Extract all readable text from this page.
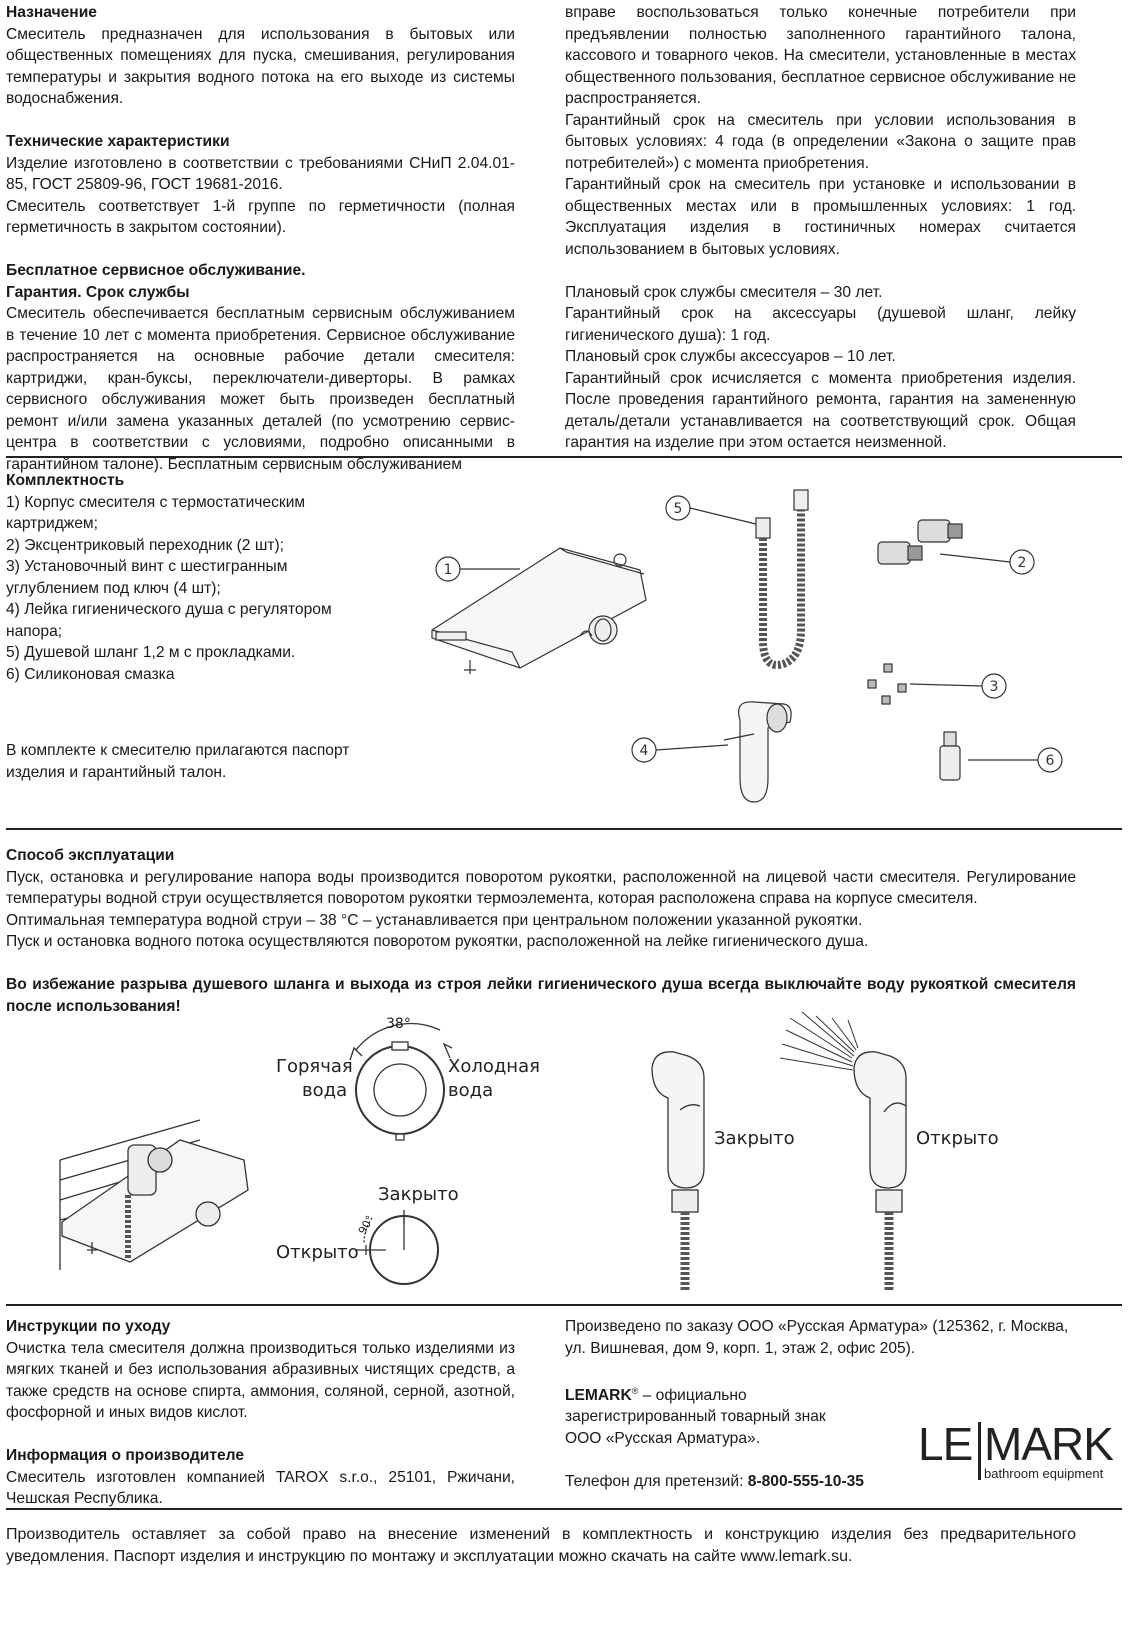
Назначение

Смеситель предназначен для использования в бытовых или общественных помещениях для пуска, смешивания, регулирования температуры и закрытия водного потока на его выходе из системы водоснабжения.

Технические характеристики

Изделие изготовлено в соответствии с требованиями СНиП 2.04.01-85, ГОСТ 25809-96, ГОСТ 19681-2016.

Смеситель соответствует 1-й группе по герметичности (полная герметичность в закрытом состоянии).

Бесплатное сервисное обслуживание.
Гарантия. Срок службы

Смеситель обеспечивается бесплатным сервисным обслуживанием в течение 10 лет с момента приобретения. Сервисное обслуживание распространяется на основные рабочие детали смесителя: картриджи, кран-буксы, переключатели-диверторы. В рамках сервисного обслуживания может быть произведен бесплатный ремонт и/или замена указанных деталей (по усмотрению сервис-центра в соответствии с условиями, подробно описанными в гарантийном талоне). Бесплатным сервисным обслуживанием

вправе воспользоваться только конечные потребители при предъявлении полностью заполненного гарантийного талона, кассового и товарного чеков. На смесители, установленные в местах общественного пользования, бесплатное сервисное обслуживание не распространяется.

Гарантийный срок на смеситель при условии использования в бытовых условиях: 4 года (в определении «Закона о защите прав потребителей») с момента приобретения.

Гарантийный срок на смеситель при установке и использовании в общественных местах или в промышленных условиях: 1 год. Эксплуатация изделия в гостиничных номерах считается использованием в бытовых условиях.

Плановый срок службы смесителя – 30 лет.

Гарантийный срок на аксессуары (душевой шланг, лейку гигиенического душа): 1 год.

Плановый срок службы аксессуаров – 10 лет.

Гарантийный срок исчисляется с момента приобретения изделия. После проведения гарантийного ремонта, гарантия на замененную деталь/детали устанавливается на соответствующий срок. Общая гарантия на изделие при этом остается неизменной.

Комплектность

1) Корпус смесителя с термостатическим картриджем;

2) Эксцентриковый переходник (2 шт);

3) Установочный винт с шестигранным углублением под ключ (4 шт);

4) Лейка гигиенического душа с регулятором напора;

5) Душевой шланг 1,2 м с прокладками.

6) Силиконовая смазка

В комплекте к смесителю прилагаются паспорт изделия и гарантийный талон.
1
5
2
3
4
6
Способ эксплуатации

Пуск, остановка и регулирование напора воды производится поворотом рукоятки, расположенной на лицевой части смесителя. Регулирование температуры водной струи осуществляется поворотом рукоятки термоэлемента, которая расположена справа на корпусе смесителя.

Оптимальная температура водной струи – 38 °C – устанавливается при центральном положении указанной рукоятки.

Пуск и остановка водного потока осуществляются поворотом рукоятки, расположенной на лейке гигиенического душа.

Во избежание разрыва душевого шланга и выхода из строя лейки гигиенического душа всегда выключайте воду рукояткой смесителя после использования!

38°
Горячая
вода
Холодная
вода
Закрыто
Открыто
90°
Закрыто	Открыто
Инструкции по уходу

Очистка тела смесителя должна производиться только изделиями из мягких тканей и без использования абразивных чистящих средств, а также средств на основе спирта, аммония, соляной, серной, азотной, фосфорной и иных видов кислот.

Информация о производителе

Смеситель изготовлен компанией TAROX s.r.o., 25101, Ржичани, Чешская Республика.

Произведено по заказу ООО «Русская Арматура» (125362, г. Москва, ул. Вишневая, дом 9, корп. 1, этаж 2, офис 205).

LEMARK® – официально

зарегистрированный товарный знак

ООО «Русская Арматура».

Телефон для претензий: 8-800-555-10-35

LE MARK
bathroom equipment

Производитель оставляет за собой право на внесение изменений в комплектность и конструкцию изделия без предварительного уведомления. Паспорт изделия и инструкцию по монтажу и эксплуатации можно скачать на сайте www.lemark.su.
